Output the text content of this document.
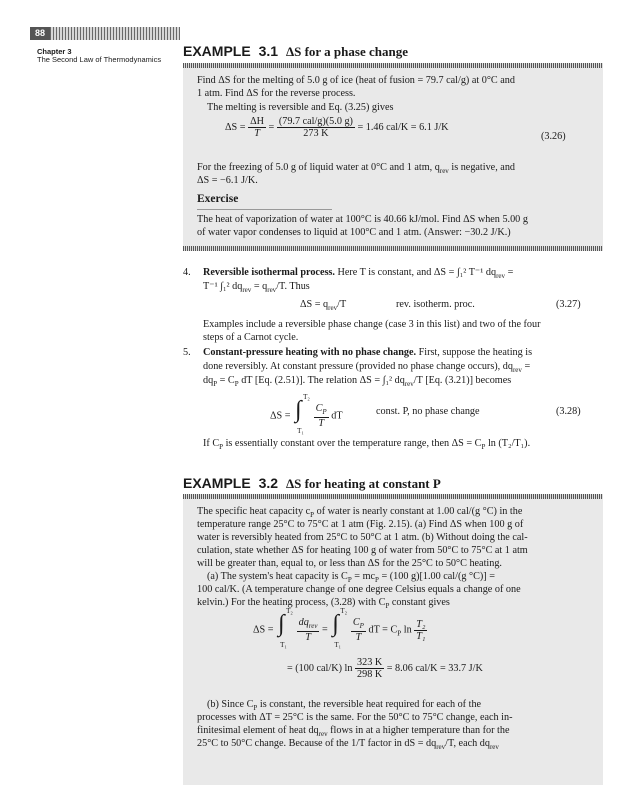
88
Chapter 3
The Second Law of Thermodynamics
EXAMPLE 3.1 ΔS for a phase change
Find ΔS for the melting of 5.0 g of ice (heat of fusion = 79.7 cal/g) at 0°C and
1 atm. Find ΔS for the reverse process.
The melting is reversible and Eq. (3.25) gives
$\Delta S = \frac{\Delta H}{T} = \frac{\text{(79.7 cal/g)(5.0 g)}}{273 K} = 1.46$ cal/K = 6.1 J/K
(3.26)
For the freezing of 5.0 g of liquid water at 0°C and 1 atm, $q_{rev}$ is negative, and
ΔS = −6.1 J/K.
Exercise
The heat of vaporization of water at 100°C is 40.66 kJ/mol. Find ΔS when 5.00 g
of water vapor condenses to liquid at 100°C and 1 atm. (Answer: −30.2 J/K.)
4. Reversible isothermal process. Here T is constant, and ΔS = ∫₁² T⁻¹ $dq_{rev}$ =
T⁻¹ ∫₁² $dq_{rev} = q_{rev}/T$. Thus
$\Delta S = q_{rev}/T$	rev. isotherm. proc.	(3.27)
Examples include a reversible phase change (case 3 in this list) and two of the four
steps of a Carnot cycle.
5. Constant-pressure heating with no phase change. First, suppose the heating is
done reversibly. At constant pressure (provided no phase change occurs), $dq_{rev}$ =
$dq_P = C_P$ dT [Eq. (2.51)]. The relation ΔS = ∫₁² $dq_{rev}/T$ [Eq. (3.21)] becomes
ΔS = ∫ T₂
T₁

$\frac{C_P}{T}$ dT	const. P, no phase change	(3.28)
If $C_P$ is essentially constant over the temperature range, then $\Delta S = C_P$ ln (T₂/T₁).
EXAMPLE 3.2 ΔS for heating at constant P
The specific heat capacity $c_P$ of water is nearly constant at 1.00 cal/(g °C) in the
temperature range 25°C to 75°C at 1 atm (Fig. 2.15). (a) Find ΔS when 100 g of
water is reversibly heated from 25°C to 50°C at 1 atm. (b) Without doing the cal-
culation, state whether ΔS for heating 100 g of water from 50°C to 75°C at 1 atm
will be greater than, equal to, or less than ΔS for the 25°C to 50°C heating.
(a) The system's heat capacity is $C_P = mc_P = (100$ g)[1.00 cal/(g °C)] =
100 cal/K. (A temperature change of one degree Celsius equals a change of one
kelvin.) For the heating process, (3.28) with $C_P$ constant gives
ΔS = ∫ T₂
T₁

$\frac{dq_{rev}}{T}$ = ∫ T₂
T₁

$\frac{C_P}{T}$ dT = $C_P$ $\ln \frac{\text{T₂}}{\text{T₁}}$
= (100 cal/K) $\ln \frac{323 K}{298 K} = 8.06$ cal/K = 33.7 J/K
(b) Since $C_P$ is constant, the reversible heat required for each of the
processes with ΔT = 25°C is the same. For the 50°C to 75°C change, each in-
finitesimal element of heat $dq_{rev}$ flows in at a higher temperature than for the
25°C to 50°C change. Because of the 1/T factor in dS = $dq_{rev}/T$, each $dq_{rev}$
